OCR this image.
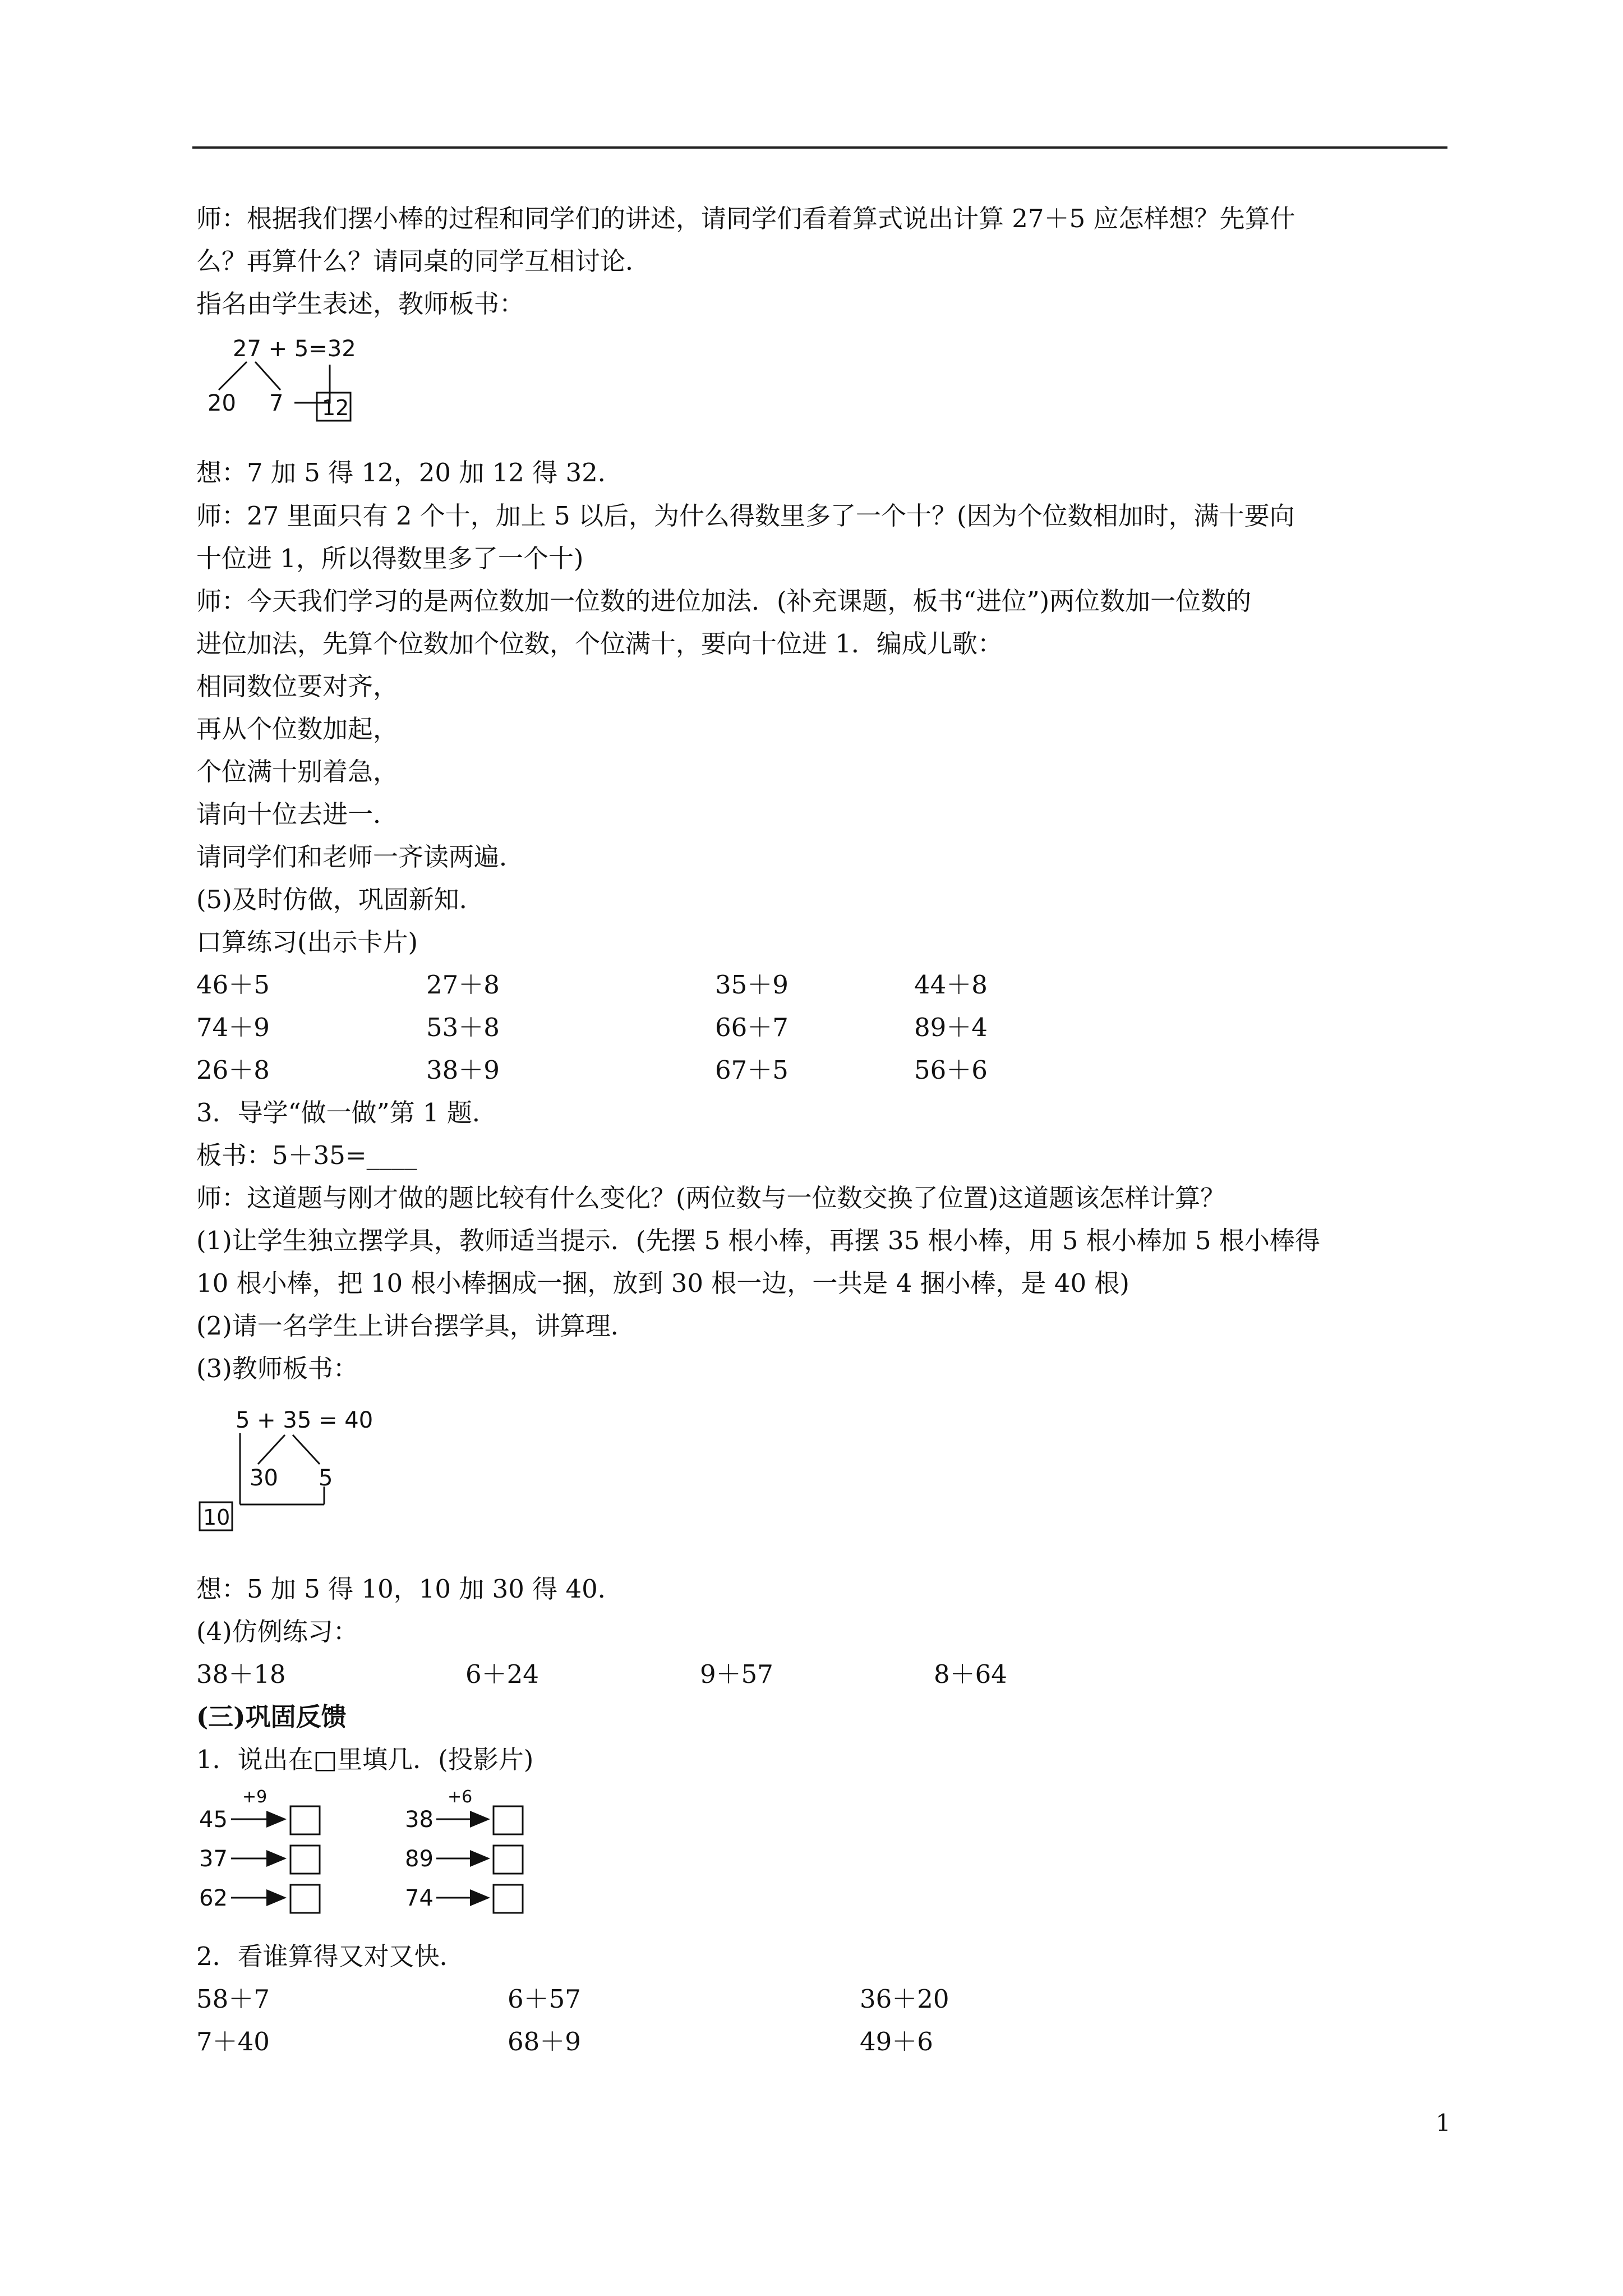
师：根据我们摆小棒的过程和同学们的讲述，请同学们看着算式说出计算 27＋5 应怎样想？先算什
么？再算什么？请同桌的同学互相讨论．
指名由学生表述，教师板书：
27 + 5=32
20 7 12
想：7 加 5 得 12，20 加 12 得 32．
师：27 里面只有 2 个十，加上 5 以后，为什么得数里多了一个十？(因为个位数相加时，满十要向
十位进 1，所以得数里多了一个十)
师：今天我们学习的是两位数加一位数的进位加法．(补充课题，板书“进位”)两位数加一位数的
进位加法，先算个位数加个位数，个位满十，要向十位进 1．编成儿歌：
相同数位要对齐，
再从个位数加起，
个位满十别着急，
请向十位去进一．
请同学们和老师一齐读两遍．
(5)及时仿做，巩固新知．
口算练习(出示卡片)
46＋5	27＋8	35＋9	44＋8
74＋9	53＋8	66＋7	89＋4
26＋8	38＋9	67＋5	56＋6
3．导学“做一做”第 1 题．
板书：5＋35=____
师：这道题与刚才做的题比较有什么变化？(两位数与一位数交换了位置)这道题该怎样计算？
(1)让学生独立摆学具，教师适当提示．(先摆 5 根小棒，再摆 35 根小棒，用 5 根小棒加 5 根小棒得
10 根小棒，把 10 根小棒捆成一捆，放到 30 根一边，一共是 4 捆小棒，是 40 根)
(2)请一名学生上讲台摆学具，讲算理．
(3)教师板书：
5 + 35 = 40
30 5
10
想：5 加 5 得 10，10 加 30 得 40．
(4)仿例练习：
38＋18	6＋24	9＋57	8＋64
(三)巩固反馈
1．说出在□里填几．(投影片)
+9
45
37
62
+6
38
89
74
2．看谁算得又对又快．
58＋7	6＋57	36＋20
7＋40	68＋9	49＋6
1
